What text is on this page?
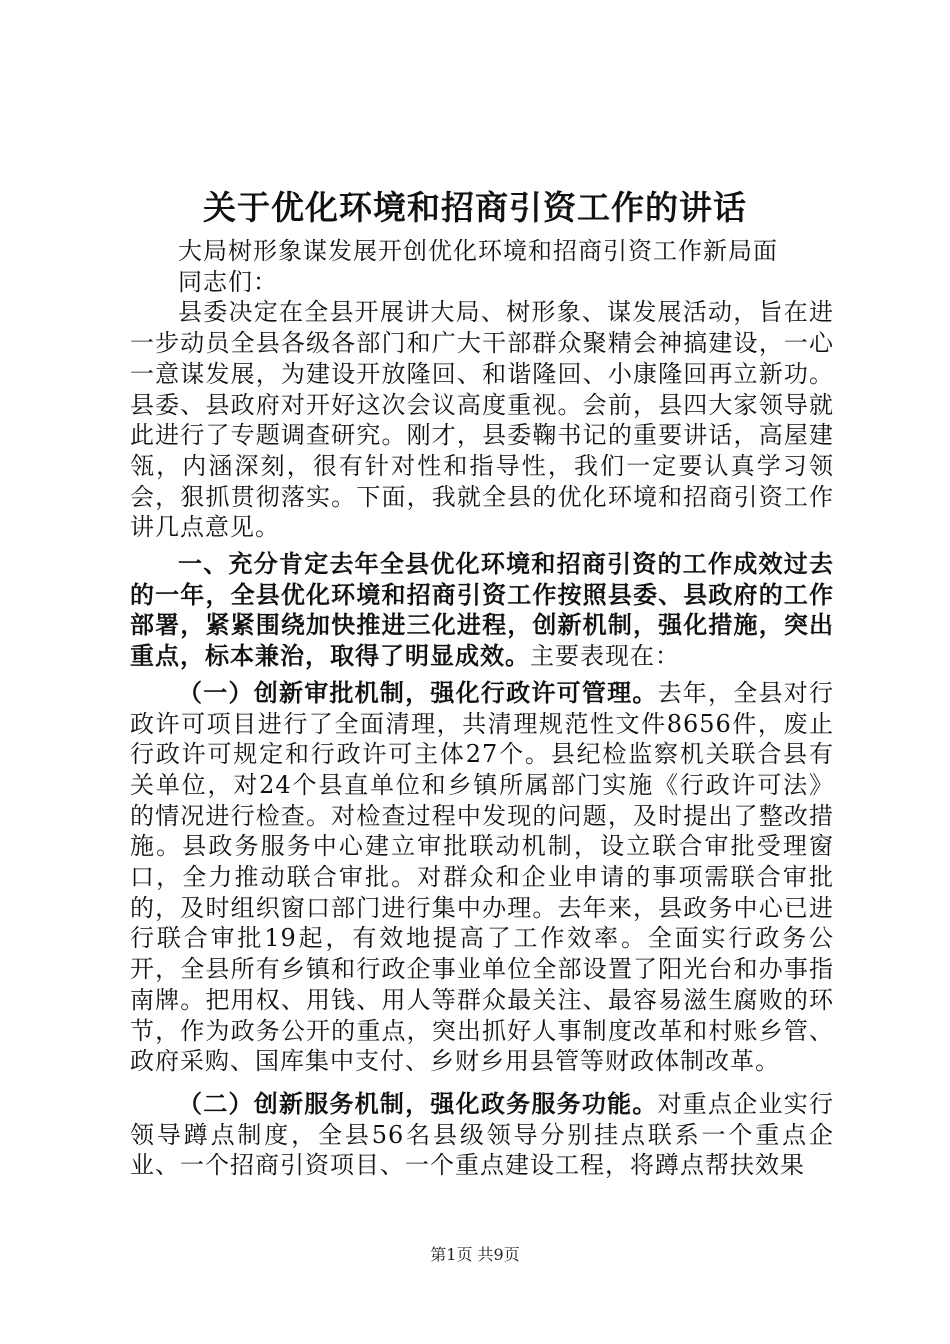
关于优化环境和招商引资工作的讲话

大局树形象谋发展开创优化环境和招商引资工作新局面

同志们：

县委决定在全县开展讲大局、树形象、谋发展活动，旨在进一步动员全县各级各部门和广大干部群众聚精会神搞建设，一心一意谋发展，为建设开放隆回、和谐隆回、小康隆回再立新功。县委、县政府对开好这次会议高度重视。会前，县四大家领导就此进行了专题调查研究。刚才，县委鞠书记的重要讲话，高屋建瓴，内涵深刻，很有针对性和指导性，我们一定要认真学习领会，狠抓贯彻落实。下面，我就全县的优化环境和招商引资工作讲几点意见。

一、充分肯定去年全县优化环境和招商引资的工作成效过去的一年，全县优化环境和招商引资工作按照县委、县政府的工作部署，紧紧围绕加快推进三化进程，创新机制，强化措施，突出重点，标本兼治，取得了明显成效。主要表现在：

（一）创新审批机制，强化行政许可管理。去年，全县对行政许可项目进行了全面清理，共清理规范性文件8656件，废止行政许可规定和行政许可主体27个。县纪检监察机关联合县有关单位，对24个县直单位和乡镇所属部门实施《行政许可法》的情况进行检查。对检查过程中发现的问题，及时提出了整改措施。县政务服务中心建立审批联动机制，设立联合审批受理窗口，全力推动联合审批。对群众和企业申请的事项需联合审批的，及时组织窗口部门进行集中办理。去年来，县政务中心已进行联合审批19起，有效地提高了工作效率。全面实行政务公开，全县所有乡镇和行政企事业单位全部设置了阳光台和办事指南牌。把用权、用钱、用人等群众最关注、最容易滋生腐败的环节，作为政务公开的重点，突出抓好人事制度改革和村账乡管、政府采购、国库集中支付、乡财乡用县管等财政体制改革。

（二）创新服务机制，强化政务服务功能。对重点企业实行领导蹲点制度，全县56名县级领导分别挂点联系一个重点企业、一个招商引资项目、一个重点建设工程，将蹲点帮扶效果

第1页 共9页
